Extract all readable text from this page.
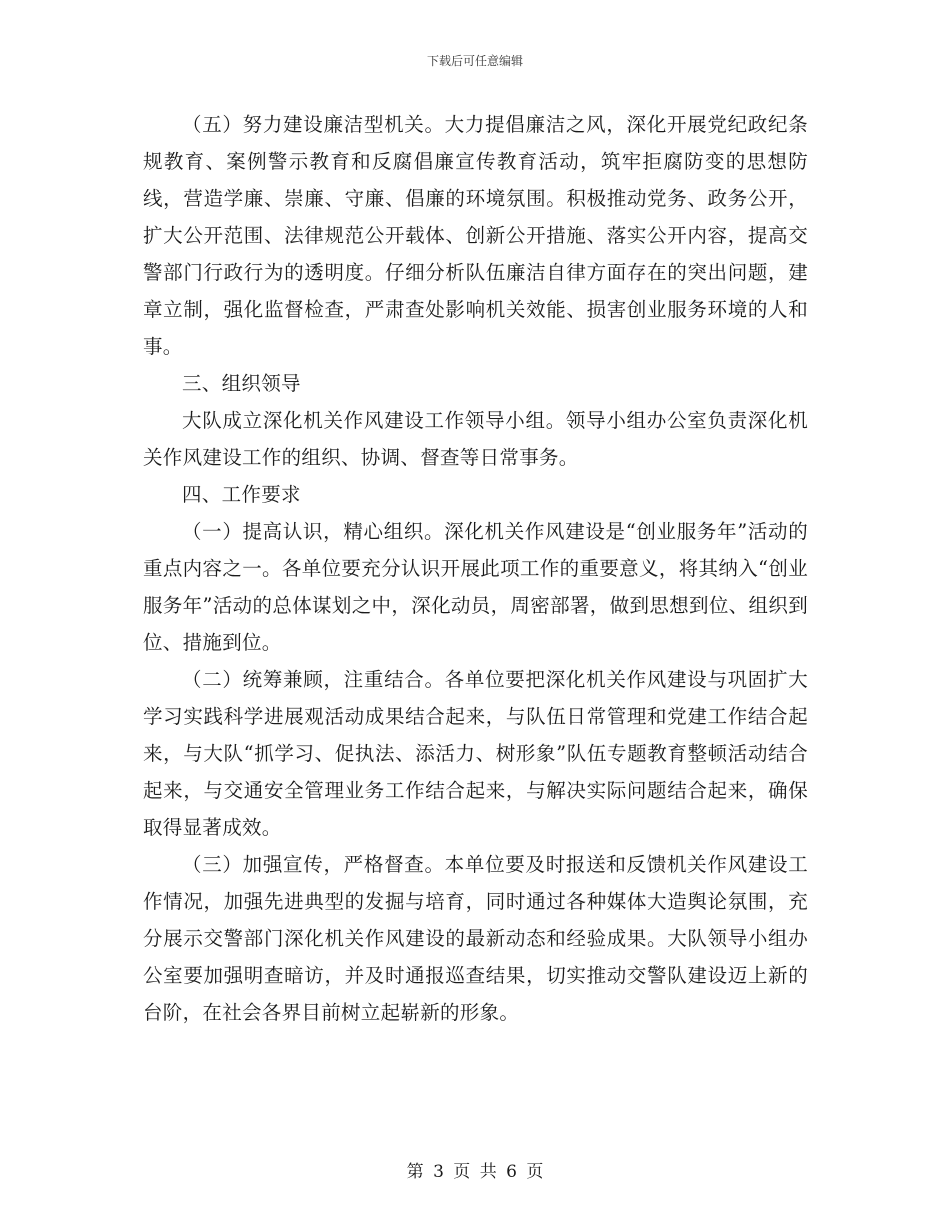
下载后可任意编辑

（五）努力建设廉洁型机关。大力提倡廉洁之风，深化开展党纪政纪条规教育、案例警示教育和反腐倡廉宣传教育活动，筑牢拒腐防变的思想防线，营造学廉、崇廉、守廉、倡廉的环境氛围。积极推动党务、政务公开，扩大公开范围、法律规范公开载体、创新公开措施、落实公开内容，提高交警部门行政行为的透明度。仔细分析队伍廉洁自律方面存在的突出问题，建章立制，强化监督检查，严肃查处影响机关效能、损害创业服务环境的人和事。

三、组织领导

大队成立深化机关作风建设工作领导小组。领导小组办公室负责深化机关作风建设工作的组织、协调、督查等日常事务。

四、工作要求

（一）提高认识，精心组织。深化机关作风建设是“创业服务年”活动的重点内容之一。各单位要充分认识开展此项工作的重要意义，将其纳入“创业服务年”活动的总体谋划之中，深化动员，周密部署，做到思想到位、组织到位、措施到位。

（二）统筹兼顾，注重结合。各单位要把深化机关作风建设与巩固扩大学习实践科学进展观活动成果结合起来，与队伍日常管理和党建工作结合起来，与大队“抓学习、促执法、添活力、树形象”队伍专题教育整顿活动结合起来，与交通安全管理业务工作结合起来，与解决实际问题结合起来，确保取得显著成效。

（三）加强宣传，严格督查。本单位要及时报送和反馈机关作风建设工作情况，加强先进典型的发掘与培育，同时通过各种媒体大造舆论氛围，充分展示交警部门深化机关作风建设的最新动态和经验成果。大队领导小组办公室要加强明查暗访，并及时通报巡查结果，切实推动交警队建设迈上新的台阶，在社会各界目前树立起崭新的形象。

第 3 页 共 6 页
